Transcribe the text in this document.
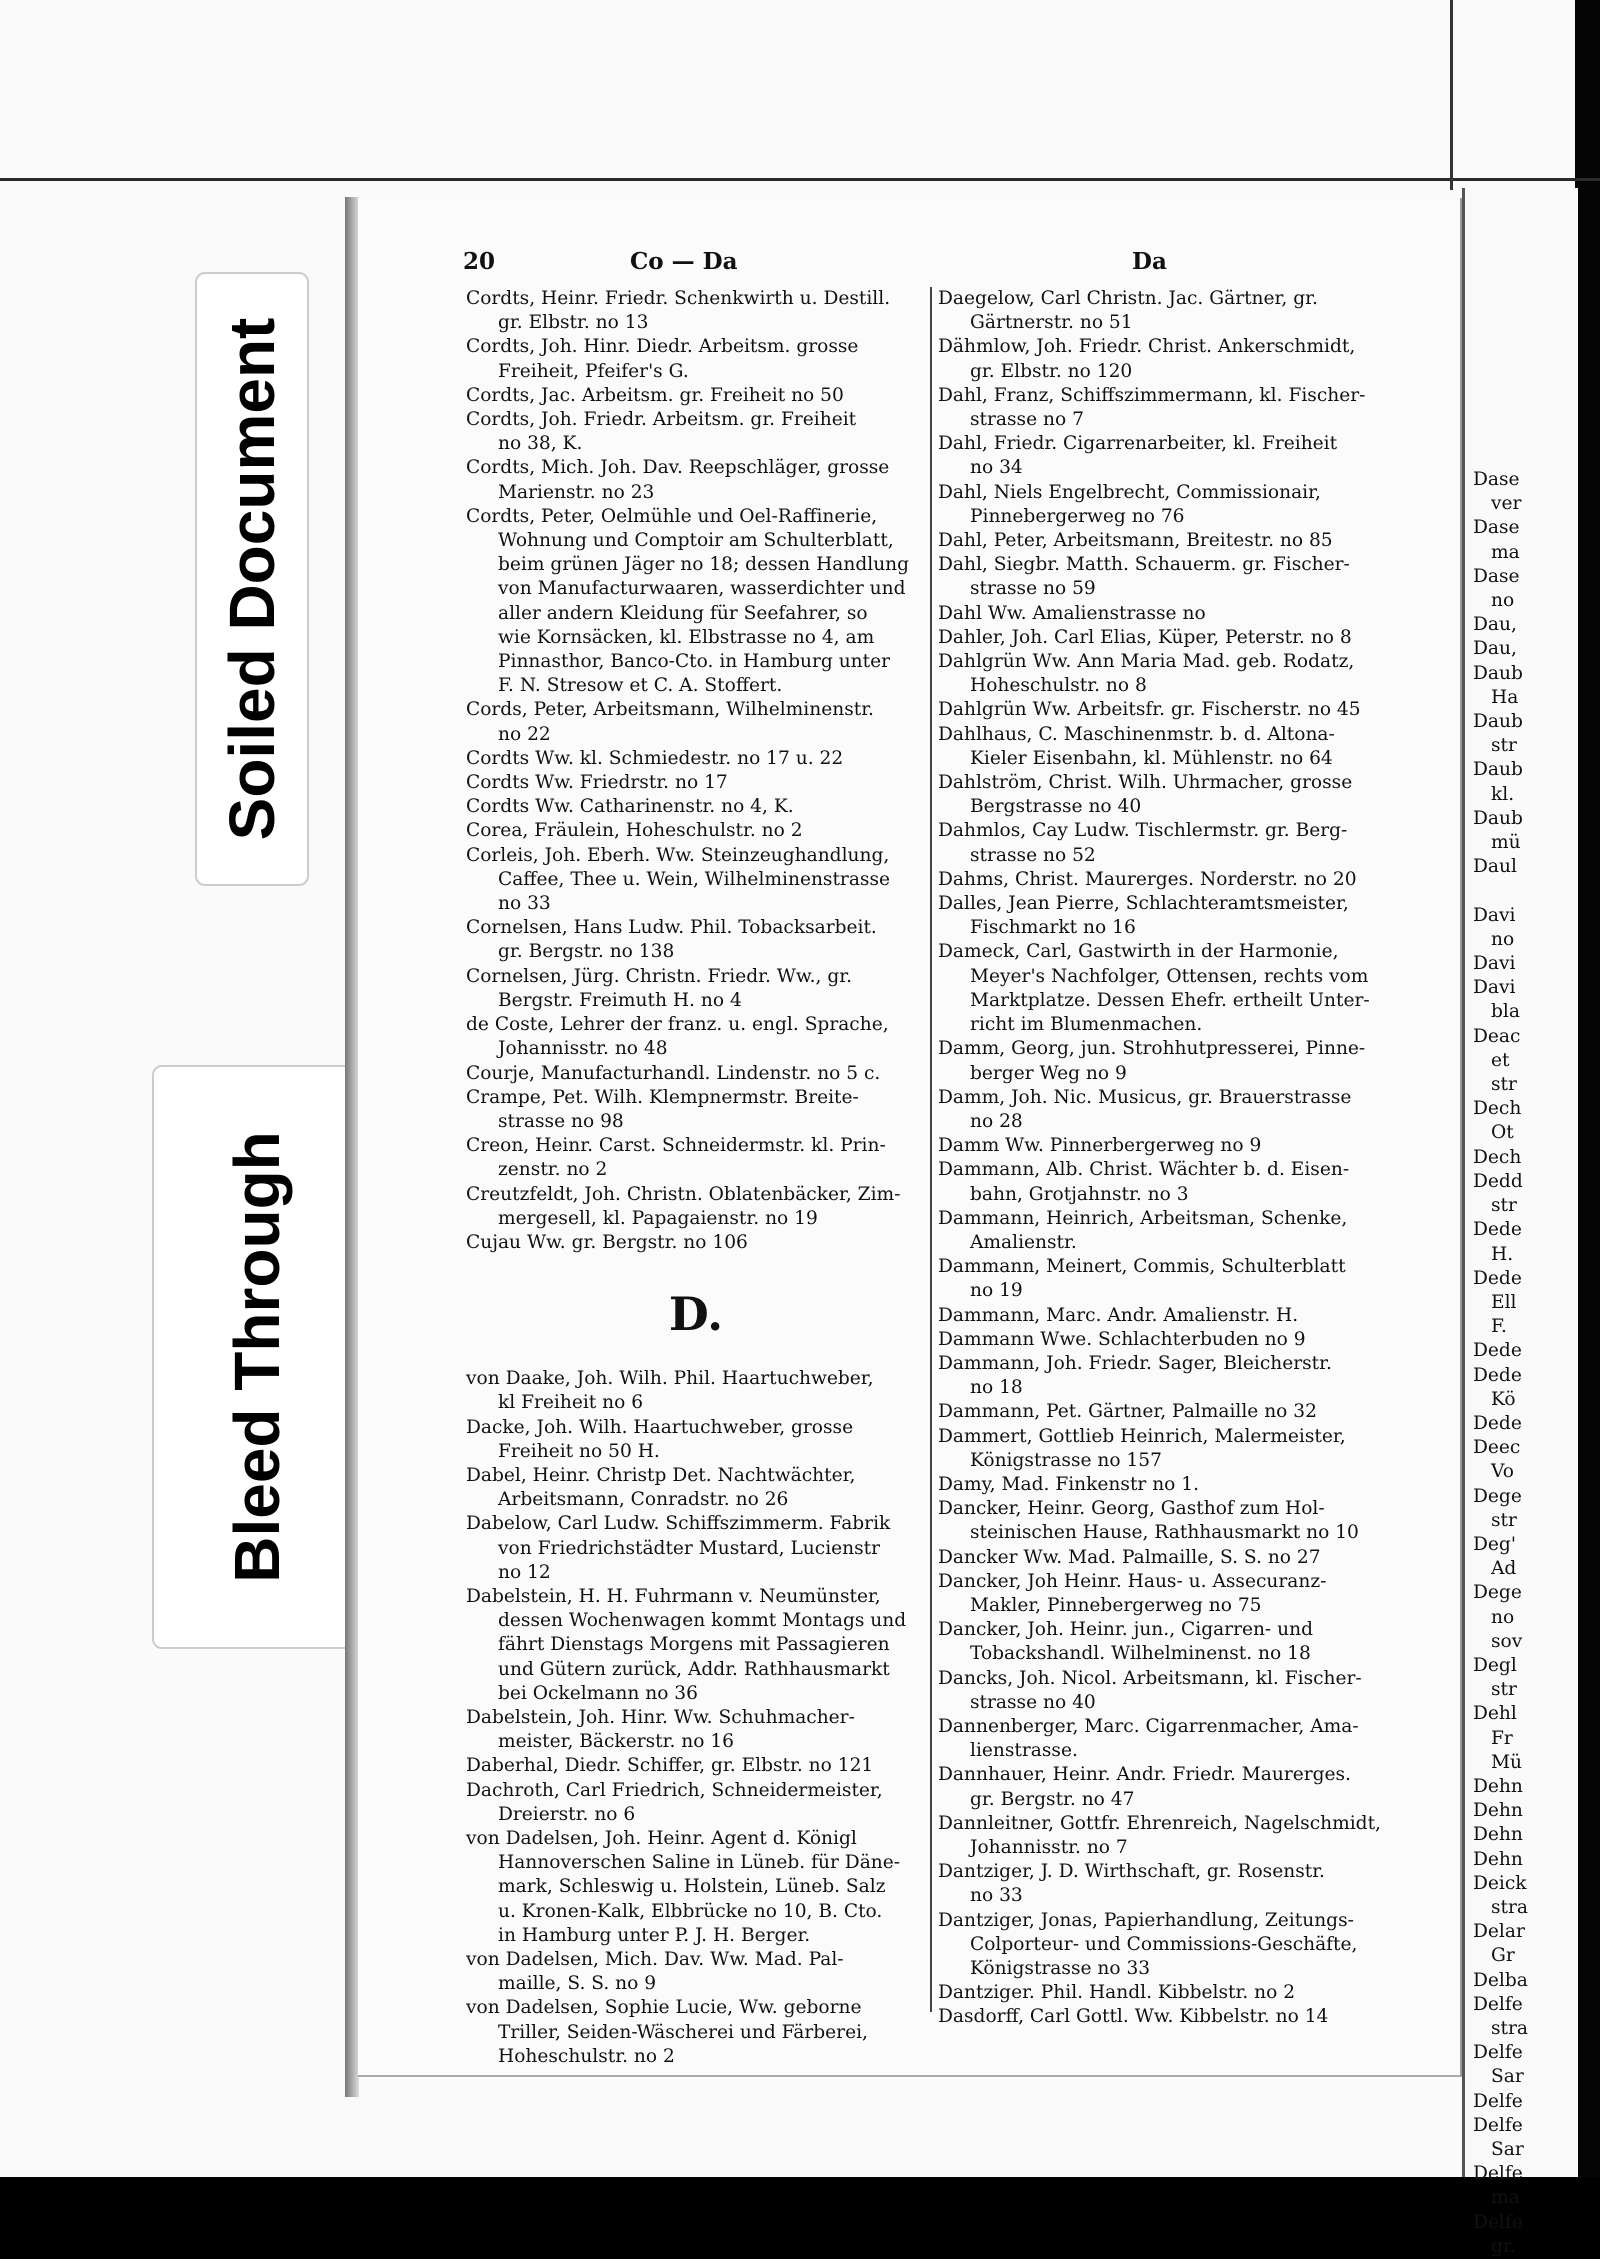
Soiled Document
Bleed Through
Dase
ver
Dase
ma
Dase
no
Dau,
Dau,
Daub
Ha
Daub
str
Daub
kl.
Daub
mü
Daul

Davi
no
Davi
Davi
bla
Deac
et
str
Dech
Ot
Dech
Dedd
str
Dede
H.
Dede
Ell
F.
Dede
Dede
Kö
Dede
Deec
Vo
Dege
str
Deg'
Ad
Dege
no
sov
Degl
str
Dehl
Fr
Mü
Dehn
Dehn
Dehn
Dehn
Deick
stra
Delar
Gr
Delba
Delfe
stra
Delfe
Sar
Delfe
Delfe
Sar
Delfe
ma
Delfe
gr.
20	Co — Da	Da
Cordts, Heinr. Friedr. Schenkwirth u. Destill.
gr. Elbstr. no 13
Cordts, Joh. Hinr. Diedr. Arbeitsm. grosse
Freiheit, Pfeifer's G.
Cordts, Jac. Arbeitsm. gr. Freiheit no 50
Cordts, Joh. Friedr. Arbeitsm. gr. Freiheit
no 38, K.
Cordts, Mich. Joh. Dav. Reepschläger, grosse
Marienstr. no 23
Cordts, Peter, Oelmühle und Oel-Raffinerie,
Wohnung und Comptoir am Schulterblatt,
beim grünen Jäger no 18; dessen Handlung
von Manufacturwaaren, wasserdichter und
aller andern Kleidung für Seefahrer, so
wie Kornsäcken, kl. Elbstrasse no 4, am
Pinnasthor, Banco-Cto. in Hamburg unter
F. N. Stresow et C. A. Stoffert.
Cords, Peter, Arbeitsmann, Wilhelminenstr.
no 22
Cordts Ww. kl. Schmiedestr. no 17 u. 22
Cordts Ww. Friedrstr. no 17
Cordts Ww. Catharinenstr. no 4, K.
Corea, Fräulein, Hoheschulstr. no 2
Corleis, Joh. Eberh. Ww. Steinzeughandlung,
Caffee, Thee u. Wein, Wilhelminenstrasse
no 33
Cornelsen, Hans Ludw. Phil. Tobacksarbeit.
gr. Bergstr. no 138
Cornelsen, Jürg. Christn. Friedr. Ww., gr.
Bergstr. Freimuth H. no 4
de Coste, Lehrer der franz. u. engl. Sprache,
Johannisstr. no 48
Courje, Manufacturhandl. Lindenstr. no 5 c.
Crampe, Pet. Wilh. Klempnermstr. Breite-
strasse no 98
Creon, Heinr. Carst. Schneidermstr. kl. Prin-
zenstr. no 2
Creutzfeldt, Joh. Christn. Oblatenbäcker, Zim-
mergesell, kl. Papagaienstr. no 19
Cujau Ww. gr. Bergstr. no 106
D.
von Daake, Joh. Wilh. Phil. Haartuchweber,
kl Freiheit no 6
Dacke, Joh. Wilh. Haartuchweber, grosse
Freiheit no 50 H.
Dabel, Heinr. Christp Det. Nachtwächter,
Arbeitsmann, Conradstr. no 26
Dabelow, Carl Ludw. Schiffszimmerm. Fabrik
von Friedrichstädter Mustard, Lucienstr
no 12
Dabelstein, H. H. Fuhrmann v. Neumünster,
dessen Wochenwagen kommt Montags und
fährt Dienstags Morgens mit Passagieren
und Gütern zurück, Addr. Rathhausmarkt
bei Ockelmann no 36
Dabelstein, Joh. Hinr. Ww. Schuhmacher-
meister, Bäckerstr. no 16
Daberhal, Diedr. Schiffer, gr. Elbstr. no 121
Dachroth, Carl Friedrich, Schneidermeister,
Dreierstr. no 6
von Dadelsen, Joh. Heinr. Agent d. Königl
Hannoverschen Saline in Lüneb. für Däne-
mark, Schleswig u. Holstein, Lüneb. Salz
u. Kronen-Kalk, Elbbrücke no 10, B. Cto.
in Hamburg unter P. J. H. Berger.
von Dadelsen, Mich. Dav. Ww. Mad. Pal-
maille, S. S. no 9
von Dadelsen, Sophie Lucie, Ww. geborne
Triller, Seiden-Wäscherei und Färberei,
Hoheschulstr. no 2
Daegelow, Carl Christn. Jac. Gärtner, gr.
Gärtnerstr. no 51
Dähmlow, Joh. Friedr. Christ. Ankerschmidt,
gr. Elbstr. no 120
Dahl, Franz, Schiffszimmermann, kl. Fischer-
strasse no 7
Dahl, Friedr. Cigarrenarbeiter, kl. Freiheit
no 34
Dahl, Niels Engelbrecht, Commissionair,
Pinnebergerweg no 76
Dahl, Peter, Arbeitsmann, Breitestr. no 85
Dahl, Siegbr. Matth. Schauerm. gr. Fischer-
strasse no 59
Dahl Ww. Amalienstrasse no
Dahler, Joh. Carl Elias, Küper, Peterstr. no 8
Dahlgrün Ww. Ann Maria Mad. geb. Rodatz,
Hoheschulstr. no 8
Dahlgrün Ww. Arbeitsfr. gr. Fischerstr. no 45
Dahlhaus, C. Maschinenmstr. b. d. Altona-
Kieler Eisenbahn, kl. Mühlenstr. no 64
Dahlström, Christ. Wilh. Uhrmacher, grosse
Bergstrasse no 40
Dahmlos, Cay Ludw. Tischlermstr. gr. Berg-
strasse no 52
Dahms, Christ. Maurerges. Norderstr. no 20
Dalles, Jean Pierre, Schlachteramtsmeister,
Fischmarkt no 16
Dameck, Carl, Gastwirth in der Harmonie,
Meyer's Nachfolger, Ottensen, rechts vom
Marktplatze. Dessen Ehefr. ertheilt Unter-
richt im Blumenmachen.
Damm, Georg, jun. Strohhutpresserei, Pinne-
berger Weg no 9
Damm, Joh. Nic. Musicus, gr. Brauerstrasse
no 28
Damm Ww. Pinnerbergerweg no 9
Dammann, Alb. Christ. Wächter b. d. Eisen-
bahn, Grotjahnstr. no 3
Dammann, Heinrich, Arbeitsman, Schenke,
Amalienstr.
Dammann, Meinert, Commis, Schulterblatt
no 19
Dammann, Marc. Andr. Amalienstr. H.
Dammann Wwe. Schlachterbuden no 9
Dammann, Joh. Friedr. Sager, Bleicherstr.
no 18
Dammann, Pet. Gärtner, Palmaille no 32
Dammert, Gottlieb Heinrich, Malermeister,
Königstrasse no 157
Damy, Mad. Finkenstr no 1.
Dancker, Heinr. Georg, Gasthof zum Hol-
steinischen Hause, Rathhausmarkt no 10
Dancker Ww. Mad. Palmaille, S. S. no 27
Dancker, Joh Heinr. Haus- u. Assecuranz-
Makler, Pinnebergerweg no 75
Dancker, Joh. Heinr. jun., Cigarren- und
Tobackshandl. Wilhelminenst. no 18
Dancks, Joh. Nicol. Arbeitsmann, kl. Fischer-
strasse no 40
Dannenberger, Marc. Cigarrenmacher, Ama-
lienstrasse.
Dannhauer, Heinr. Andr. Friedr. Maurerges.
gr. Bergstr. no 47
Dannleitner, Gottfr. Ehrenreich, Nagelschmidt,
Johannisstr. no 7
Dantziger, J. D. Wirthschaft, gr. Rosenstr.
no 33
Dantziger, Jonas, Papierhandlung, Zeitungs-
Colporteur- und Commissions-Geschäfte,
Königstrasse no 33
Dantziger. Phil. Handl. Kibbelstr. no 2
Dasdorff, Carl Gottl. Ww. Kibbelstr. no 14
